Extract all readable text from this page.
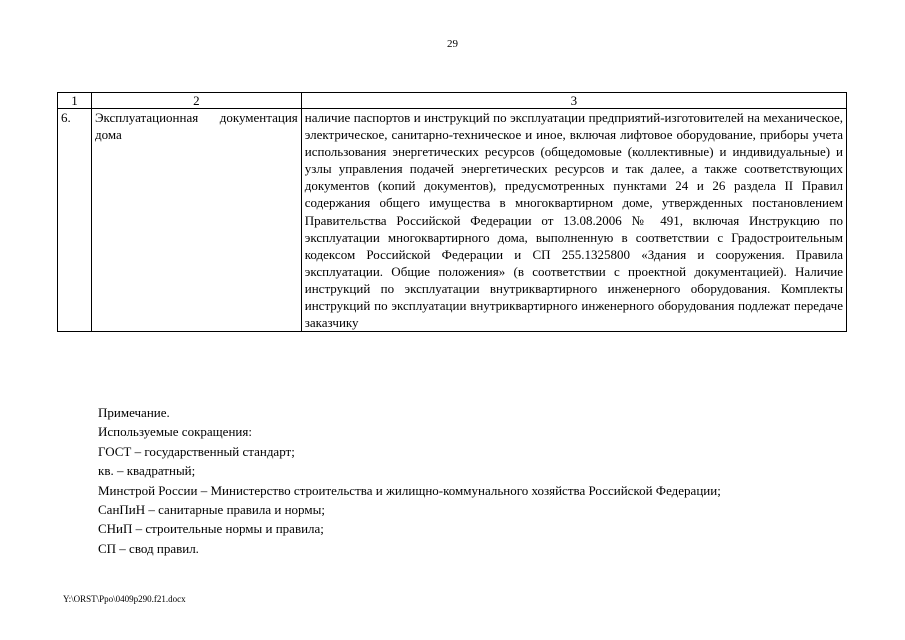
29
1	2	3
6.	Эксплуатационная документация дома	наличие паспортов и инструкций по эксплуатации предприятий-изготовителей на механическое, электрическое, санитарно-техническое и иное, включая лифтовое оборудование, приборы учета использования энергетических ресурсов (общедомовые (коллективные) и индивидуальные) и узлы управления подачей энергетических ресурсов и так далее, а также соответствующих документов (копий документов), предусмотренных пунктами 24 и 26 раздела II Правил содержания общего имущества в многоквартирном доме, утвержденных постановлением Правительства Российской Федерации от 13.08.2006 № 491, включая Инструкцию по эксплуатации многоквартирного дома, выполненную в соответствии с Градостроительным кодексом Российской Федерации и СП 255.1325800 «Здания и сооружения. Правила эксплуатации. Общие положения» (в соответствии с проектной документацией). Наличие инструкций по эксплуатации внутриквартирного инженерного оборудования. Комплекты инструкций по эксплуатации внутриквартирного инженерного оборудования подлежат передаче заказчику
Примечание.
Используемые сокращения:
ГОСТ – государственный стандарт;
кв. – квадратный;
Минстрой России – Министерство строительства и жилищно-коммунального хозяйства Российской Федерации;
СанПиН – санитарные правила и нормы;
СНиП – строительные нормы и правила;
СП – свод правил.
Y:\ORST\Ppo\0409p290.f21.docx
